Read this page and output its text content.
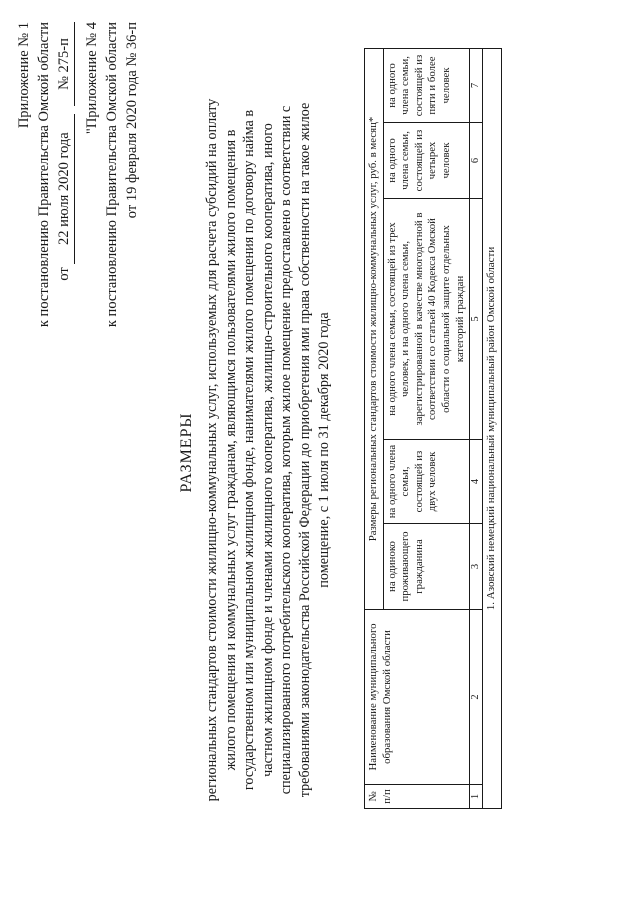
Приложение № 1 к постановлению Правительства Омской области от 22 июля 2020 года № 275-п "Приложение № 4 к постановлению Правительства Омской области от 19 февраля 2020 года № 36-п
РАЗМЕРЫ региональных стандартов стоимости жилищно-коммунальных услуг, используемых для расчета субсидий на оплату жилого помещения и коммунальных услуг гражданам, являющимся пользователями жилого помещения в государственном или муниципальном жилищном фонде, нанимателями жилого помещения по договору найма в частном жилищном фонде и членами жилищного кооператива, жилищно-строительного кооператива, иного специализированного потребительского кооператива, которым жилое помещение предоставлено в соответствии с требованиями законодательства Российской Федерации до приобретения ими права собственности на такое жилое помещение, с 1 июля по 31 декабря 2020 года
№ п/п	Наименование муниципального образования Омской области	Размеры региональных стандартов стоимости жилищно-коммунальных услуг, руб. в месяц*				
		на одиноко проживающего гражданина	на одного члена семьи, состоящей из двух человек	на одного члена семьи, состоящей из трех человек, и на одного члена семьи, зарегистрированной в качестве многодетной в соответствии со статьей 40 Кодекса Омской области о социальной защите отдельных категорий граждан	на одного члена семьи, состоящей из четырех человек	на одного члена семьи, состоящей из пяти и более человек
1	2	3	4	5	6	7
1. Азовский немецкий национальный муниципальный район Омской области						
